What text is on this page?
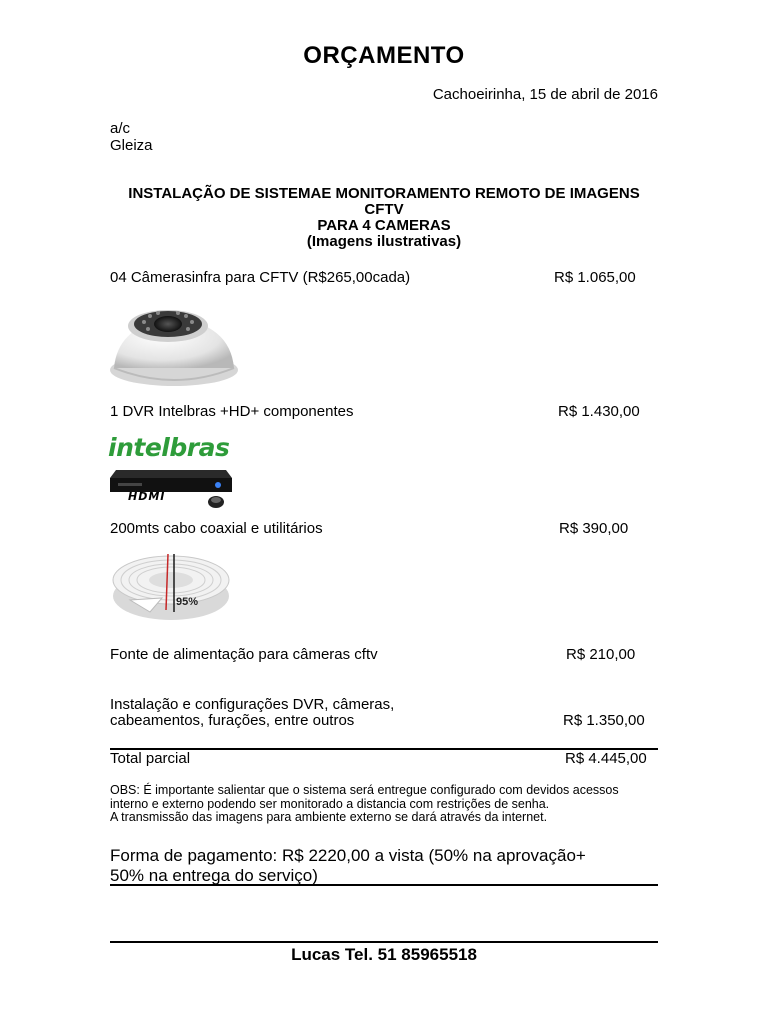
ORÇAMENTO
Cachoeirinha, 15 de abril de 2016
a/c
Gleiza
INSTALAÇÃO DE SISTEMAE MONITORAMENTO REMOTO DE IMAGENS
CFTV
PARA 4 CAMERAS
(Imagens ilustrativas)
04 Câmerasinfra para CFTV (R$265,00cada)	R$ 1.065,00
1 DVR Intelbras +HD+ componentes	R$ 1.430,00
intelbras
HDMI
200mts cabo coaxial e utilitários	R$ 390,00
95%
Fonte de alimentação para câmeras cftv	R$ 210,00
Instalação e configurações DVR, câmeras,
cabeamentos, furações, entre outros	R$ 1.350,00
Total parcial	R$ 4.445,00
OBS: É importante salientar que o sistema será entregue configurado com devidos acessos
interno e externo podendo ser monitorado a distancia com restrições de senha.
A transmissão das imagens para ambiente externo se dará através da internet.
Forma de pagamento: R$ 2220,00 a vista (50% na aprovação+
50% na entrega do serviço)
Lucas Tel. 51 85965518
